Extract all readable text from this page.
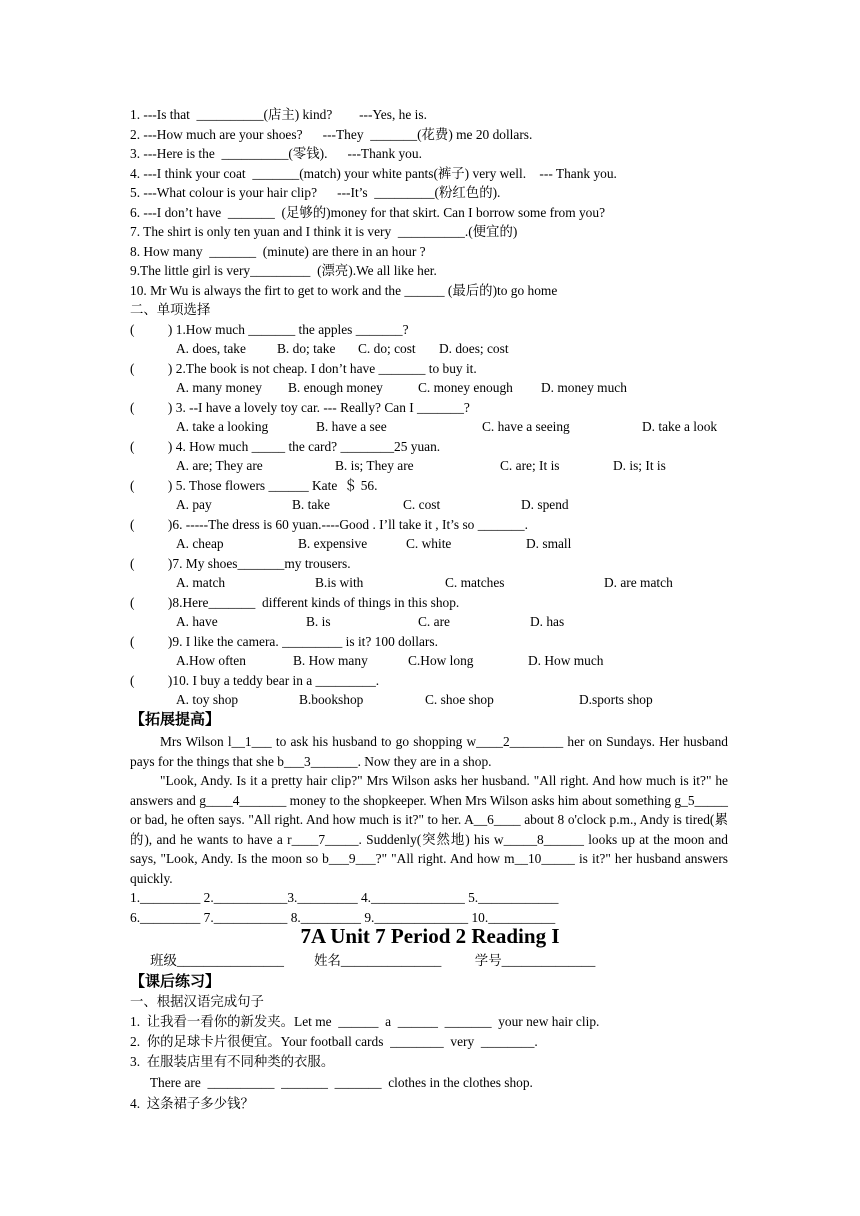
1. ---Is that  __________(店主) kind?        ---Yes, he is.
2. ---How much are your shoes?      ---They  _______(花费) me 20 dollars.
3. ---Here is the  __________(零钱).      ---Thank you.
4. ---I think your coat  _______(match) your white pants(裤子) very well.    --- Thank you.
5. ---What colour is your hair clip?      ---It’s  _________(粉红色的).
6. ---I don’t have  _______  (足够的)money for that skirt. Can I borrow some from you?
7. The shirt is only ten yuan and I think it is very  __________.(便宜的)
8. How many  _______  (minute) are there in an hour ?
9.The little girl is very_________  (漂亮).We all like her.
10. Mr Wu is always the firt to get to work and the ______ (最后的)to go home
二、单项选择
(          ) 1.How much _______ the apples _______?
A. does, take B. do; take C. do; cost D. does; cost
(          ) 2.The book is not cheap. I don’t have _______ to buy it.
A. many money B. enough money	C. money enough D. money much
(          ) 3. --I have a lovely toy car. --- Really? Can I _______?
A. take a looking	B. have a see	C. have a seeing	D. take a look
(          ) 4. How much _____ the card? ________25 yuan.
A. are; They are	B. is; They are	C. are; It is	D. is; It is
(          ) 5. Those flowers ______ Kate  ＄ 56.
A. pay	B. take	C. cost	D. spend
(          )6. -----The dress is 60 yuan.----Good . I’ll take it , It’s so _______.
A. cheap	B. expensive	C. white	D. small
(          )7. My shoes_______my trousers.
A. match	B.is with	C. matches	D. are match
(          )8.Here_______  different kinds of things in this shop.
A. have	B. is	C. are	D. has
(          )9. I like the camera. _________ is it? 100 dollars.
A.How often	B. How many	C.How long	D. How much
(          )10. I buy a teddy bear in a _________.
A. toy shop	B.bookshop	C. shoe shop	D.sports shop
【拓展提高】
Mrs Wilson l__1___ to ask his husband to go shopping w____2________ her on Sundays. Her husband pays for the things that she b___3_______. Now they are in a shop.
"Look, Andy. Is it a pretty hair clip?" Mrs Wilson asks her husband. "All right. And how much is it?" he answers and g____4_______ money to the shopkeeper. When Mrs Wilson asks him about something g_5_____ or bad, he often says. "All right. And how much is it?" to her. A__6____ about 8 o'clock p.m., Andy is tired(累的), and he wants to have a r____7_____. Suddenly(突然地) his w_____8______ looks up at the moon and says, "Look, Andy. Is the moon so b___9___?" "All right. And how m__10_____ is it?" her husband answers quickly.
1._________ 2.___________3._________ 4.______________ 5.____________
6._________ 7.___________ 8._________ 9.______________ 10.__________
7A Unit 7 Period 2 Reading I
班级________________         姓名_______________          学号______________
【课后练习】
一、根据汉语完成句子
1.  让我看一看你的新发夹。Let me  ______  a  ______  _______  your new hair clip.
2.  你的足球卡片很便宜。Your football cards  ________  very  ________.
3.  在服装店里有不同种类的衣服。
There are  __________  _______  _______  clothes in the clothes shop.
4.  这条裙子多少钱？
